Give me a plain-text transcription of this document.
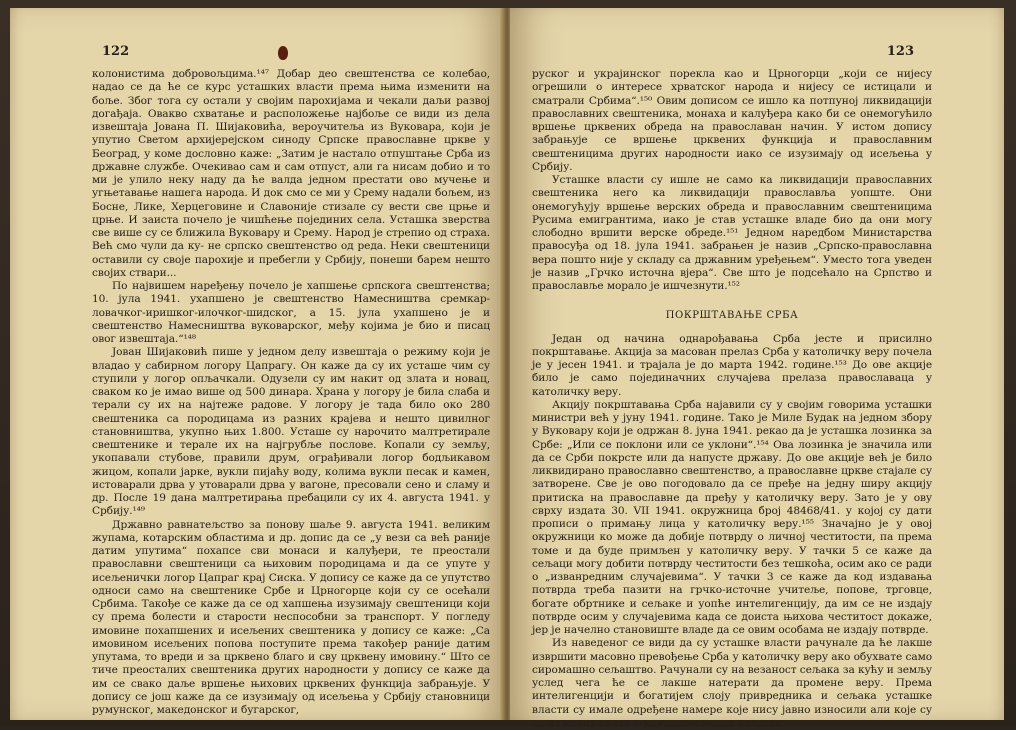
122

колонистима добровољцима.¹⁴⁷ Добар део свештенства се колебао, надао се да ће се курс усташких власти према њима изменити на боље. Због тога су остали у својим парохијама и чекали даљи развој догађаја. Овакво схватање и расположење најбоље се види из дела извештаја Јована П. Шијаковића, вероучитеља из Вуковара, који је упутио Светом архијерејском синоду Српске православне цркве у Београд, у коме дословно каже: „Затим је настало отпуштање Срба из државне службе. Очекивао сам и сам отпуст, али га нисам добио и то ми је улило неку наду да ће валда једном престати ово мучење и угњетавање нашега народа. И док смо се ми у Срему надали бољем, из Босне, Лике, Херцеговине и Славоније стизале су вести све црње и црње. И заиста почело је чишћење појединих села. Усташка зверства све више су се ближила Вуковару и Срему. Народ је стрепио од страха. Већ смо чули да ку- не српско свештенство од реда. Неки свештеници оставили су своје парохије и пребегли у Србију, понеши барем нешто својих ствари...

По највишем наређењу почело је хапшење српскога свештенства; 10. јула 1941. ухапшено је свештенство Намесништва сремкар- ловачког-иришког-илочког-шидског, а 15. јула ухапшено је и свештенство Намесништва вуковарског, међу којима је био и писац овог извештаја.“¹⁴⁸

Јован Шијаковић пише у једном делу извештаја о режиму који је владао у сабирном логору Цапрагу. Он каже да су их усташе чим су ступили у логор опљачкали. Одузели су им накит од злата и новац, сваком ко је имао више од 500 динара. Храна у логору је била слаба и терали су их на најтеже радове. У логору је тада било око 280 свештеника са породицама из разних крајева и нешто цивилног становништва, укупно њих 1.800. Усташе су нарочито малтретирале свештенике и терале их на најгрубље послове. Копали су земљу, укопавали стубове, правили друм, ограђивали логор бодљикавом жицом, копали јарке, вукли пијаћу воду, колима вукли песак и камен, истоварали дрва у утоварали дрва у вагоне, пресовали сено и сламу и др. После 19 дана малтретирања пребацили су их 4. августа 1941. у Србију.¹⁴⁹

Државно равнатељство за понову шаље 9. августа 1941. великим жупама, котарским областима и др. допис да се „у вези са већ раније датим упутима“ похапсе сви монаси и калуђери, те преостали православни свештеници са њиховим породицама и да се упуте у исељенички логор Цапраг крај Сиска. У допису се каже да се упутство односи само на свештенике Србе и Црногорце који су се осећали Србима. Такође се каже да се од хапшења изузимају свештеници који су према болести и старости неспособни за транспорт. У погледу имовине похапшених и исељених свештеника у допису се каже: „Са имовином исељених попова поступите према такођер раније датим упутама, то вреди и за црквено благо и сву црквену имовину.“ Што се тиче преосталих свештеника других народности у допису се каже да им се свако даље вршење њихових црквених функција забрањује. У допису се још каже да се изузимају од исељења у Србију становници румунског, македонског и бугарског,

123

руског и украјинског порекла као и Црногорци „који се нијесу огрешили о интересе хрватског народа и нијесу се истицали и сматрали Србима“.¹⁵⁰ Овим дописом се ишло ка потпуној ликвидацији православних свештеника, монаха и калуђера како би се онемогућило вршење црквених обреда на православан начин. У истом допису забрањује се вршење црквених функција и православним свештеницима других народности иако се изузимају од исељења у Србију.

Усташке власти су ишле не само ка ликвидацији православних свештеника него ка ликвидацији православља уопште. Они онемогућују вршење верских обреда и православним свештеницима Русима емигрантима, иако је став усташке владе био да они могу слободно вршити верске обреде.¹⁵¹ Једном наредбом Министарства правосуђа од 18. јула 1941. забрањен је назив „Српско-православна вера пошто није у складу са државним уређењем“. Уместо тога уведен је назив „Грчко источна вјера“. Све што је подсећало на Српство и православље морало је ишчезнути.¹⁵²

ПОКРШТАВАЊЕ СРБА

Један од начина однарођавања Срба јесте и присилно покрштавање. Акција за масован прелаз Срба у католичку веру почела је у јесен 1941. и трајала је до марта 1942. године.¹⁵³ До ове акције било је само појединачних случајева прелаза православаца у католичку веру.

Акцију покрштавања Срба најавили су у својим говорима усташки министри већ у јуну 1941. године. Тако је Миле Будак на једном збору у Вуковару који је одржан 8. јуна 1941. рекао да је усташка лозинка за Србе: „Или се поклони или се уклони“.¹⁵⁴ Ова лозинка је значила или да се Срби покрсте или да напусте државу. До ове акције већ је било ликвидирано православно свештенство, а православне цркве стајале су затворене. Све је ово погодовало да се пређе на једну ширу акцију притиска на православне да пређу у католичку веру. Зато је у ову сврху издата 30. VII 1941. окружница број 48468/41. у којој су дати прописи о примању лица у католичку веру.¹⁵⁵ Значајно је у овој окружници ко може да добије потврду о личној честитости, па према томе и да буде примљен у католичку веру. У тачки 5 се каже да сељаци могу добити потврду честитости без тешкоћа, осим ако се ради о „изванредним случајевима“. У тачки 3 се каже да код издавања потврда треба пазити на грчко-источне учитеље, попове, трговце, богате обртнике и сељаке и уопће интелигенцију, да им се не издају потврде осим у случајевима када се доиста њихова честитост докаже, јер је начелно становиште владе да се овим особама не издају потврде.

Из наведеног се види да су усташке власти рачунале да ће лакше извршити масовно превођење Срба у католичку веру ако обухвате само сиромашно сељаштво. Рачунали су на везаност сељака за кућу и земљу услед чега ће се лакше натерати да промене веру. Према интелигенцији и богатијем слоју привредника и сељака усташке власти су имале одређене намере које нису јавно износили али које су се из неких аката и упутстава могле назрети.
